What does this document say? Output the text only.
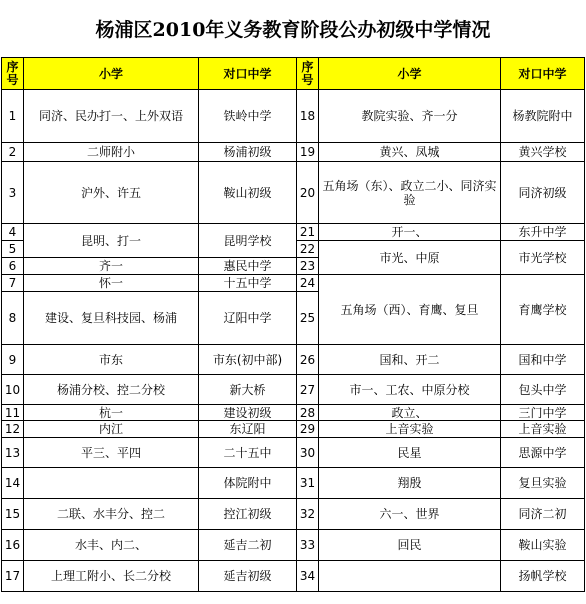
杨浦区2010年义务教育阶段公办初级中学情况
序号	小学	对口中学	序号	小学	对口中学
1	同济、民办打一、上外双语	铁岭中学	18	教院实验、齐一分	杨教院附中
2	二师附小	杨浦初级	19	黄兴、凤城	黄兴学校
3	沪外、许五	鞍山初级	20	五角场（东）、政立二小、同济实验	同济初级
4	昆明、打一	昆明学校	21	开一、	东升中学
5			22	市光、中原	市光学校
6	齐一	惠民中学	23		
7	怀一	十五中学	24	五角场（西）、育鹰、复旦	育鹰学校
8	建设、复旦科技园、杨浦	辽阳中学	25		
9	市东	市东(初中部)	26	国和、开二	国和中学
10	杨浦分校、控二分校	新大桥	27	市一、工农、中原分校	包头中学
11	杭一	建设初级	28	政立、	三门中学
12	内江	东辽阳	29	上音实验	上音实验
13	平三、平四	二十五中	30	民星	思源中学
14		体院附中	31	翔殷	复旦实验
15	二联、水丰分、控二	控江初级	32	六一、世界	同济二初
16	水丰、内二、	延吉二初	33	回民	鞍山实验
17	上理工附小、长二分校	延吉初级	34		扬帆学校
